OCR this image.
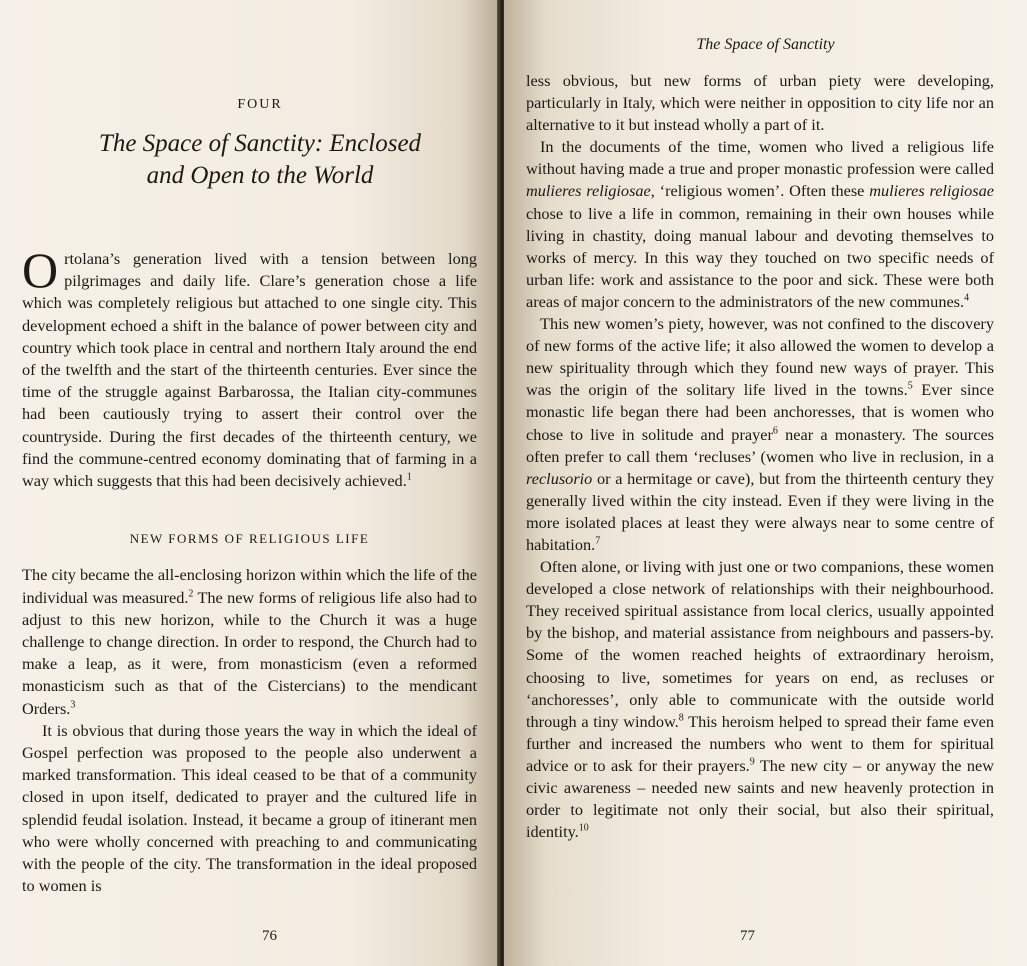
FOUR
The Space of Sanctity: Enclosed
and Open to the World

Ortolana’s generation lived with a tension between long pilgrimages and daily life. Clare’s generation chose a life which was completely religious but attached to one single city. This development echoed a shift in the balance of power between city and country which took place in central and northern Italy around the end of the twelfth and the start of the thirteenth centuries. Ever since the time of the struggle against Barbarossa, the Italian city-communes had been cautiously trying to assert their control over the countryside. During the first decades of the thirteenth century, we find the commune-centred economy dominating that of farming in a way which suggests that this had been decisively achieved.$^1$

NEW FORMS OF RELIGIOUS LIFE

The city became the all-enclosing horizon within which the life of the individual was measured.$^2$ The new forms of religious life also had to adjust to this new horizon, while to the Church it was a huge challenge to change direction. In order to respond, the Church had to make a leap, as it were, from monasticism (even a reformed monasticism such as that of the Cistercians) to the mendicant Orders.$^3$

It is obvious that during those years the way in which the ideal of Gospel perfection was proposed to the people also underwent a marked transformation. This ideal ceased to be that of a community closed in upon itself, dedicated to prayer and the cultured life in splendid feudal isolation. Instead, it became a group of itinerant men who were wholly concerned with preaching to and communicating with the people of the city. The transformation in the ideal proposed to women is

76
The Space of Sanctity

less obvious, but new forms of urban piety were developing, particularly in Italy, which were neither in opposition to city life nor an alternative to it but instead wholly a part of it.

In the documents of the time, women who lived a religious life without having made a true and proper monastic profession were called mulieres religiosae, ‘religious women’. Often these mulieres religiosae chose to live a life in common, remaining in their own houses while living in chastity, doing manual labour and devoting themselves to works of mercy. In this way they touched on two specific needs of urban life: work and assistance to the poor and sick. These were both areas of major concern to the administrators of the new communes.$^4$

This new women’s piety, however, was not confined to the discovery of new forms of the active life; it also allowed the women to develop a new spirituality through which they found new ways of prayer. This was the origin of the solitary life lived in the towns.$^5$ Ever since monastic life began there had been anchoresses, that is women who chose to live in solitude and prayer$^6$ near a monastery. The sources often prefer to call them ‘recluses’ (women who live in reclusion, in a reclusorio or a hermitage or cave), but from the thirteenth century they generally lived within the city instead. Even if they were living in the more isolated places at least they were always near to some centre of habitation.$^7$

Often alone, or living with just one or two companions, these women developed a close network of relationships with their neighbourhood. They received spiritual assistance from local clerics, usually appointed by the bishop, and material assistance from neighbours and passers-by. Some of the women reached heights of extraordinary heroism, choosing to live, sometimes for years on end, as recluses or ‘anchoresses’, only able to communicate with the outside world through a tiny window.$^8$ This heroism helped to spread their fame even further and increased the numbers who went to them for spiritual advice or to ask for their prayers.$^9$ The new city – or anyway the new civic awareness – needed new saints and new heavenly protection in order to legitimate not only their social, but also their spiritual, identity.$^{10}$

77
